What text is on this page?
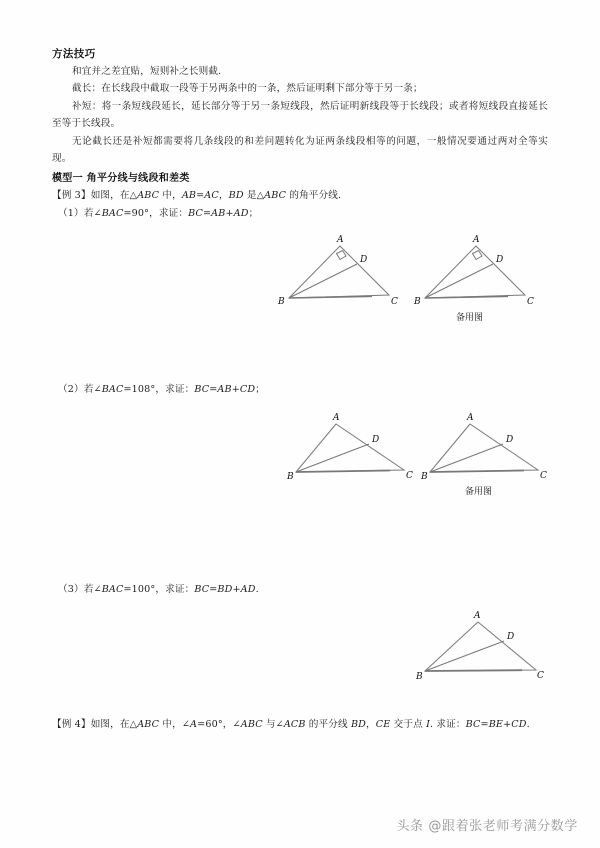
方法技巧

和宜并之差宜贴，短则补之长则截.

截长：在长线段中截取一段等于另两条中的一条，然后证明剩下部分等于另一条；

补短：将一条短线段延长，延长部分等于另一条短线段，然后证明新线段等于长线段；或者将短线段直接延长至等于长线段。

无论截长还是补短都需要将几条线段的和差问题转化为证两条线段相等的问题，一般情况要通过两对全等实现。

模型一 角平分线与线段和差类
【例 3】如图，在△ABC 中，AB=AC，BD 是△ABC 的角平分线.
（1）若∠BAC=90°，求证：BC=AB+AD；
A
B	C
D
A
B	C
D
备用图
（2）若∠BAC=108°，求证：BC=AB+CD；
A
B	C
D
A
B	C
D
备用图
（3）若∠BAC=100°，求证：BC=BD+AD.
A
B	C
D
【例 4】如图，在△ABC 中，∠A=60°，∠ABC 与∠ACB 的平分线 BD，CE 交于点 I. 求证：BC=BE+CD.
头条 @跟着张老师考满分数学
